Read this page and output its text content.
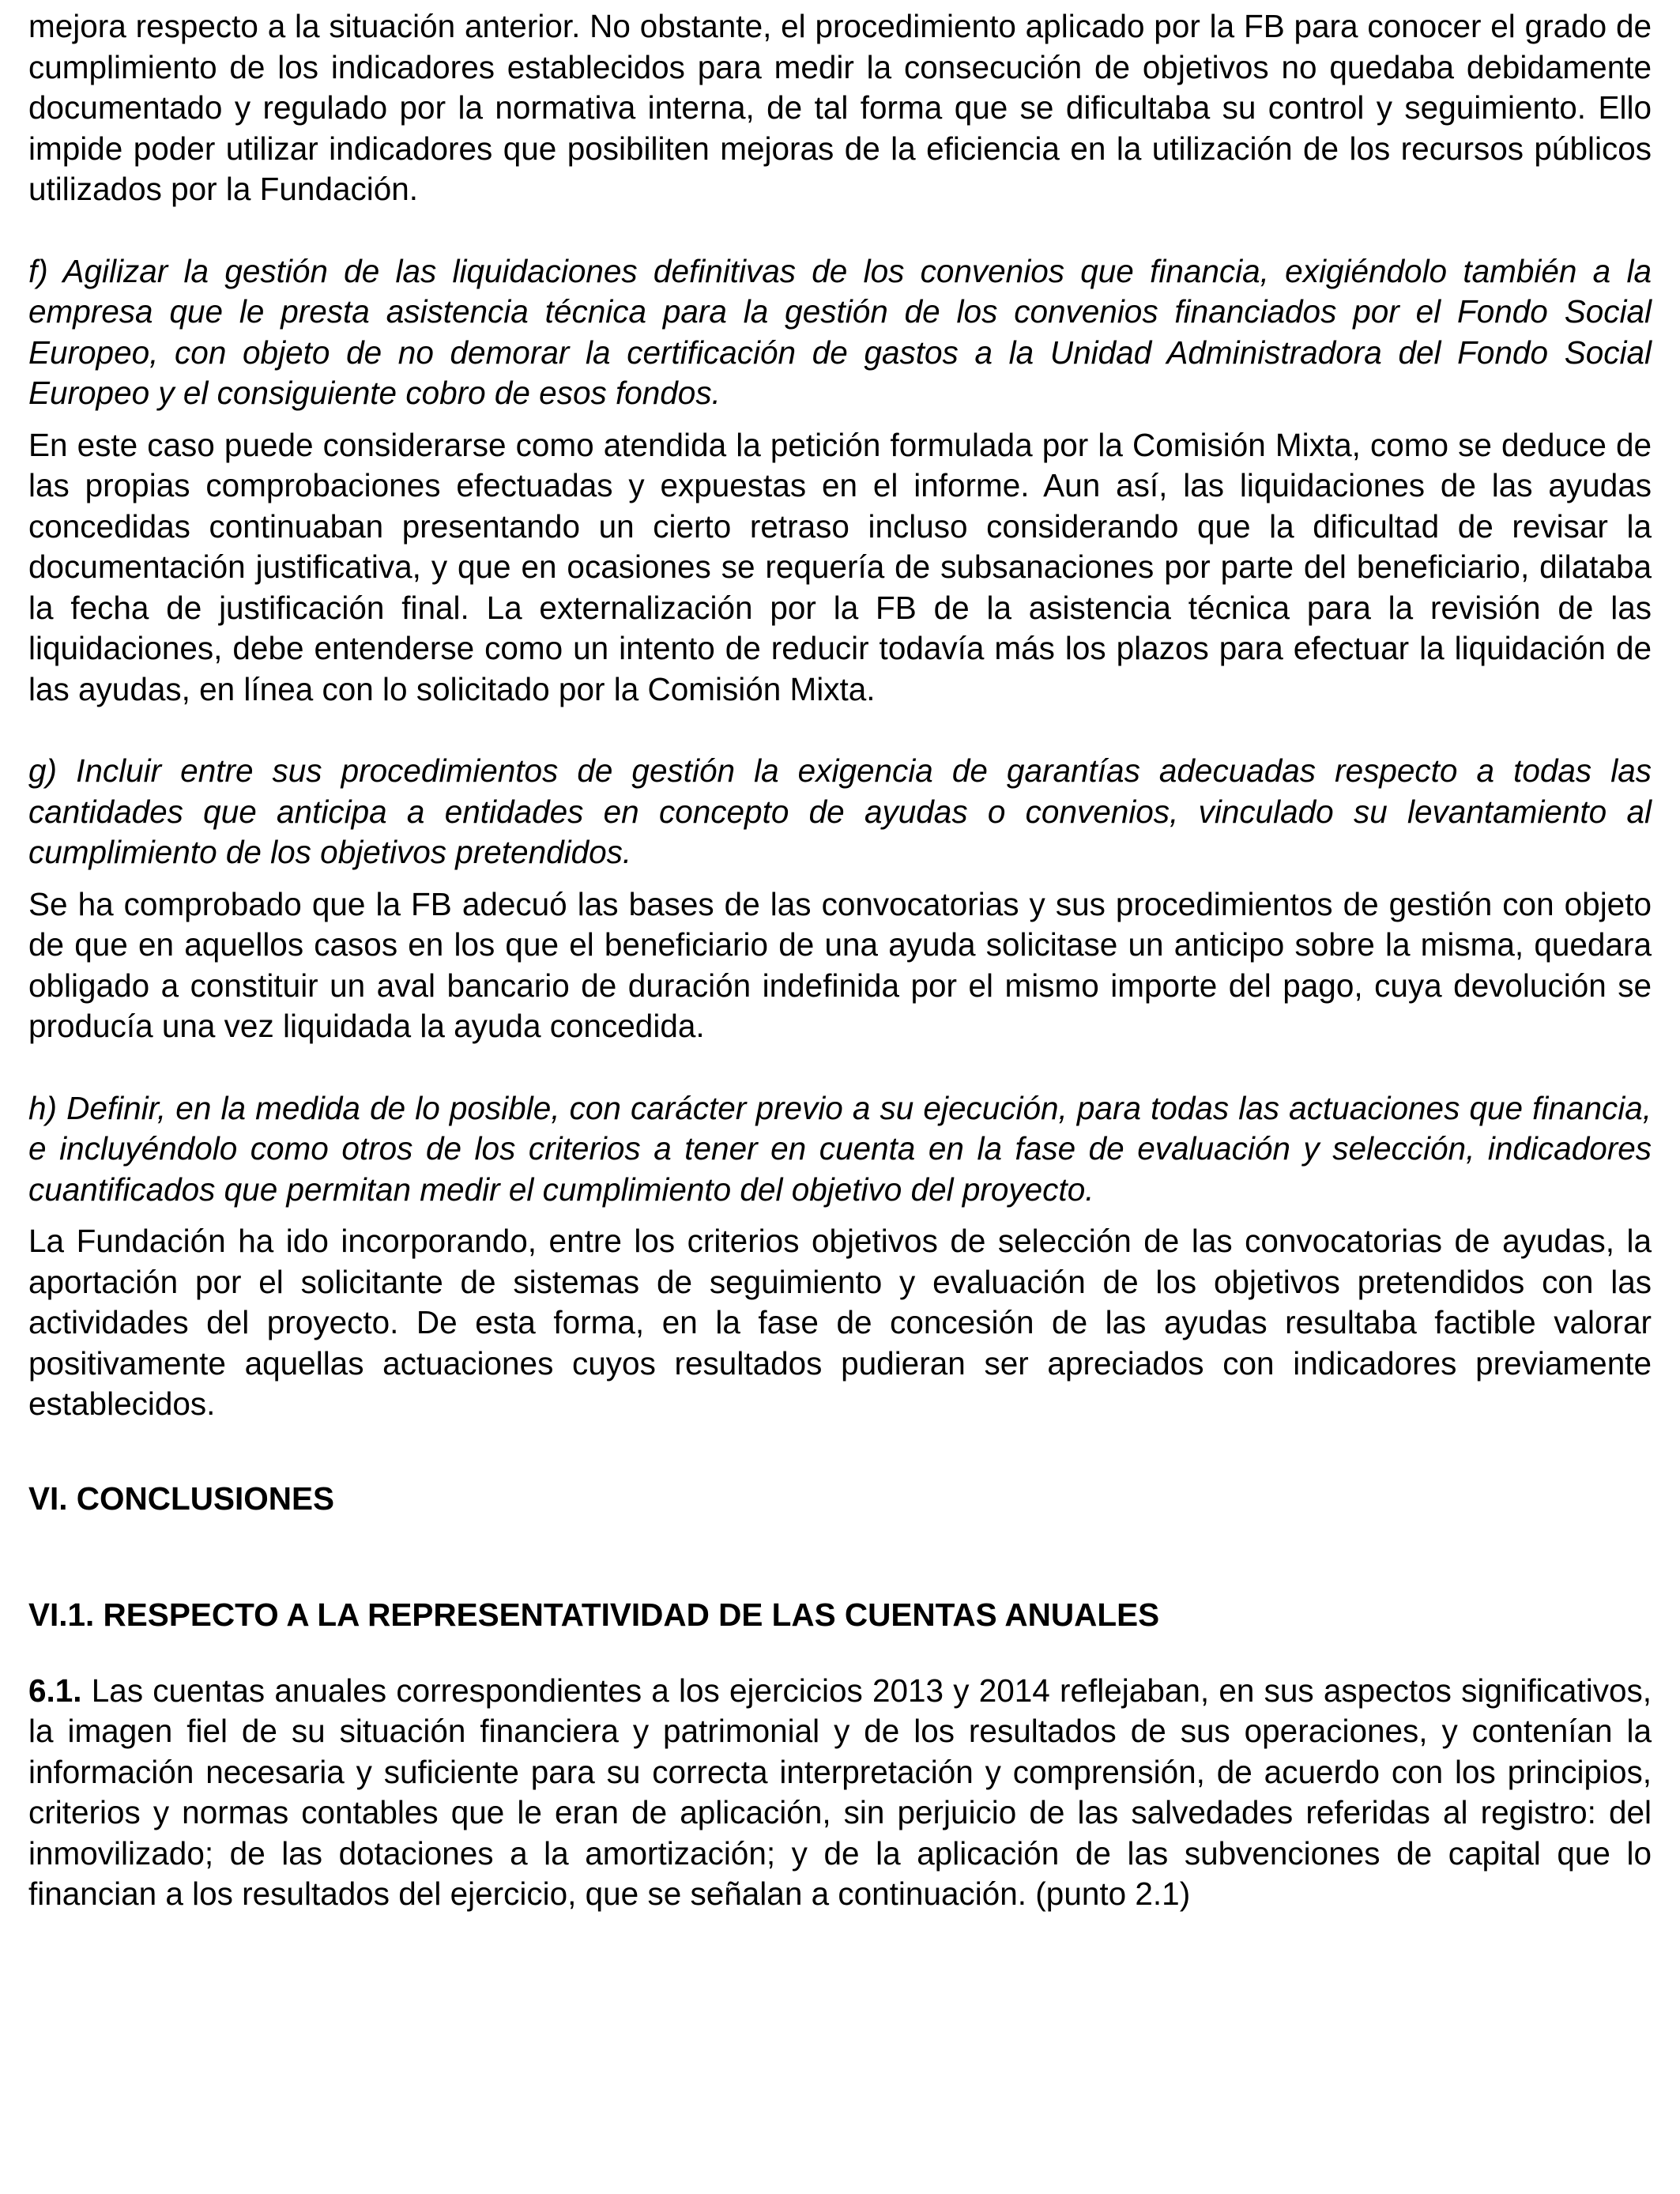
mejora respecto a la situación anterior. No obstante, el procedimiento aplicado por la FB para conocer el grado de cumplimiento de los indicadores establecidos para medir la consecución de objetivos no quedaba debidamente documentado y regulado por la normativa interna, de tal forma que se dificultaba su control y seguimiento. Ello impide poder utilizar indicadores que posibiliten mejoras de la eficiencia en la utilización de los recursos públicos utilizados por la Fundación.

f) Agilizar la gestión de las liquidaciones definitivas de los convenios que financia, exigiéndolo también a la empresa que le presta asistencia técnica para la gestión de los convenios financiados por el Fondo Social Europeo, con objeto de no demorar la certificación de gastos a la Unidad Administradora del Fondo Social Europeo y el consiguiente cobro de esos fondos.

En este caso puede considerarse como atendida la petición formulada por la Comisión Mixta, como se deduce de las propias comprobaciones efectuadas y expuestas en el informe. Aun así, las liquidaciones de las ayudas concedidas continuaban presentando un cierto retraso incluso considerando que la dificultad de revisar la documentación justificativa, y que en ocasiones se requería de subsanaciones por parte del beneficiario, dilataba la fecha de justificación final. La externalización por la FB de la asistencia técnica para la revisión de las liquidaciones, debe entenderse como un intento de reducir todavía más los plazos para efectuar la liquidación de las ayudas, en línea con lo solicitado por la Comisión Mixta.

g) Incluir entre sus procedimientos de gestión la exigencia de garantías adecuadas respecto a todas las cantidades que anticipa a entidades en concepto de ayudas o convenios, vinculado su levantamiento al cumplimiento de los objetivos pretendidos.

Se ha comprobado que la FB adecuó las bases de las convocatorias y sus procedimientos de gestión con objeto de que en aquellos casos en los que el beneficiario de una ayuda solicitase un anticipo sobre la misma, quedara obligado a constituir un aval bancario de duración indefinida por el mismo importe del pago, cuya devolución se producía una vez liquidada la ayuda concedida.

h) Definir, en la medida de lo posible, con carácter previo a su ejecución, para todas las actuaciones que financia, e incluyéndolo como otros de los criterios a tener en cuenta en la fase de evaluación y selección, indicadores cuantificados que permitan medir el cumplimiento del objetivo del proyecto.

La Fundación ha ido incorporando, entre los criterios objetivos de selección de las convocatorias de ayudas, la aportación por el solicitante de sistemas de seguimiento y evaluación de los objetivos pretendidos con las actividades del proyecto. De esta forma, en la fase de concesión de las ayudas resultaba factible valorar positivamente aquellas actuaciones cuyos resultados pudieran ser apreciados con indicadores previamente establecidos.

VI. CONCLUSIONES
VI.1. RESPECTO A LA REPRESENTATIVIDAD DE LAS CUENTAS ANUALES

6.1. Las cuentas anuales correspondientes a los ejercicios 2013 y 2014 reflejaban, en sus aspectos significativos, la imagen fiel de su situación financiera y patrimonial y de los resultados de sus operaciones, y contenían la información necesaria y suficiente para su correcta interpretación y comprensión, de acuerdo con los principios, criterios y normas contables que le eran de aplicación, sin perjuicio de las salvedades referidas al registro: del inmovilizado; de las dotaciones a la amortización; y de la aplicación de las subvenciones de capital que lo financian a los resultados del ejercicio, que se señalan a continuación. (punto 2.1)
